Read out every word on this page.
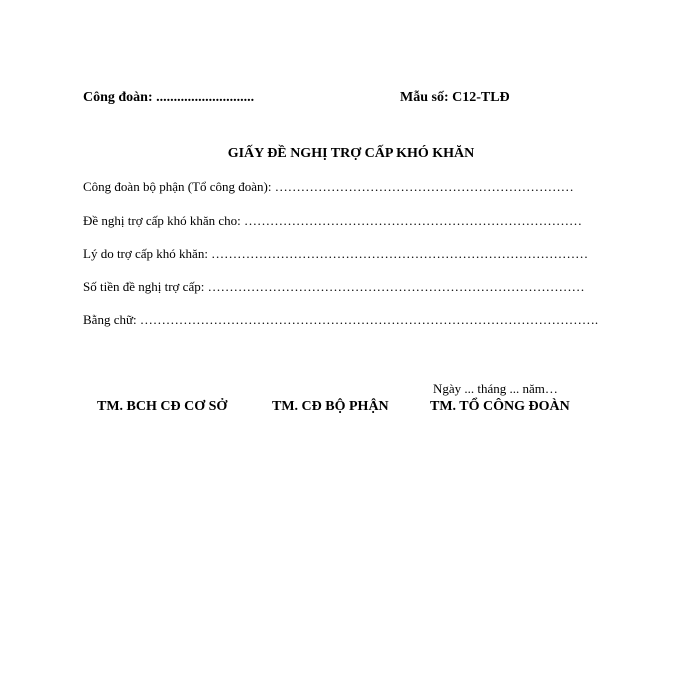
Công đoàn: ............................	Mẫu số: C12-TLĐ
GIẤY ĐỀ NGHỊ TRỢ CẤP KHÓ KHĂN
Công đoàn bộ phận (Tổ công đoàn): ……………………………………………………………
Đề nghị trợ cấp khó khăn cho: ……………………………………………………………………
Lý do trợ cấp khó khăn: ……………………………………………………………………………
Số tiền đề nghị trợ cấp: ……………………………………………………………………………
Bằng chữ: …………………………………………………………………………………………….
Ngày ... tháng ... năm…
TM. BCH CĐ CƠ SỞ	TM. CĐ BỘ PHẬN	TM. TỔ CÔNG ĐOÀN
